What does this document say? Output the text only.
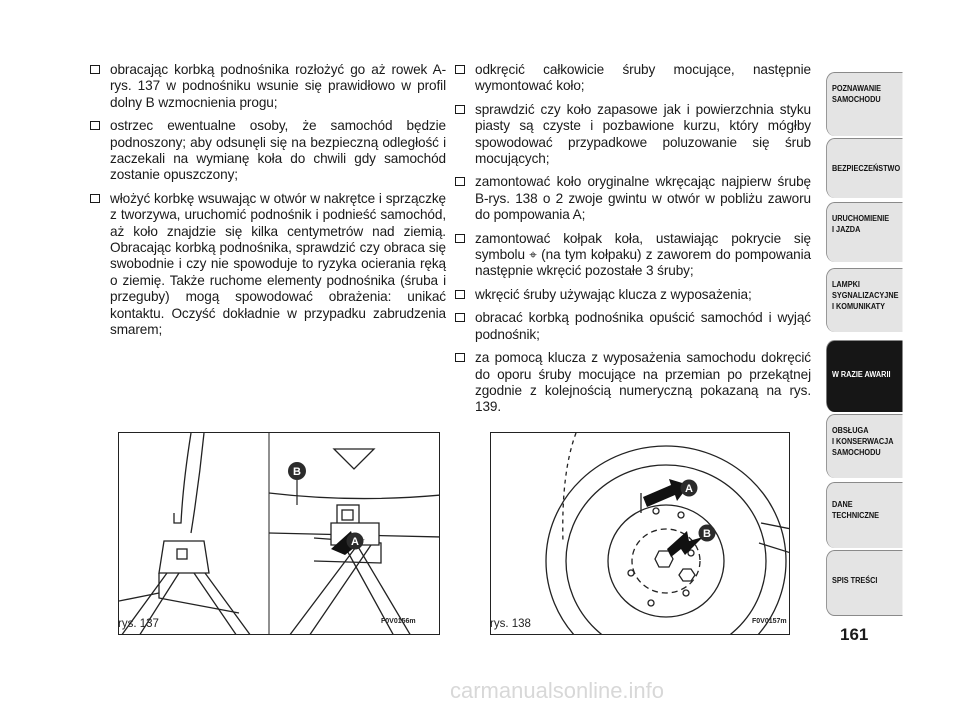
obracając korbką podnośnika rozłożyć go aż rowek A-rys. 137 w podnośniku wsunie się prawidłowo w profil dolny B wzmocnienia progu;
ostrzec ewentualne osoby, że samochód będzie podnoszony; aby odsunęli się na bezpieczną odległość i zaczekali na wymianę koła do chwili gdy samochód zostanie opuszczony;
włożyć korbkę wsuwając w otwór w nakrętce i sprzączkę z tworzywa, uruchomić podnośnik i podnieść samochód, aż koło znajdzie się kilka centymetrów nad ziemią. Obracając korbką podnośnika, sprawdzić czy obraca się swobodnie i czy nie spowoduje to ryzyka ocierania ręką o ziemię. Także ruchome elementy podnośnika (śruba i przeguby) mogą spowodować obrażenia: unikać kontaktu. Oczyść dokładnie w przypadku zabrudzenia smarem;
odkręcić całkowicie śruby mocujące, następnie wymontować koło;
sprawdzić czy koło zapasowe jak i powierzchnia styku piasty są czyste i pozbawione kurzu, który mógłby spowodować przypadkowe poluzowanie się śrub mocujących;
zamontować koło oryginalne wkręcając najpierw śrubę B-rys. 138 o 2 zwoje gwintu w otwór w pobliżu zaworu do pompowania A;
zamontować kołpak koła, ustawiając pokrycie się symbolu ⌖ (na tym kołpaku) z zaworem do pompowania następnie wkręcić pozostałe 3 śruby;
wkręcić śruby używając klucza z wyposażenia;
obracać korbką podnośnika opuścić samochód i wyjąć podnośnik;
za pomocą klucza z wyposażenia samochodu dokręcić do oporu śruby mocujące na przemian po przekątnej zgodnie z kolejnością numeryczną pokazaną na rys. 139.
B
A
rys. 137	F0V0156m
A
B
rys. 138	F0V0157m
POZNAWANIE
SAMOCHODU
BEZPIECZEŃSTWO
URUCHOMIENIE
I JAZDA
LAMPKI
SYGNALIZACYJNE
I KOMUNIKATY
W RAZIE AWARII
OBSŁUGA
I KONSERWACJA
SAMOCHODU
DANE
TECHNICZNE
SPIS TREŚCI
161
carmanualsonline.info
